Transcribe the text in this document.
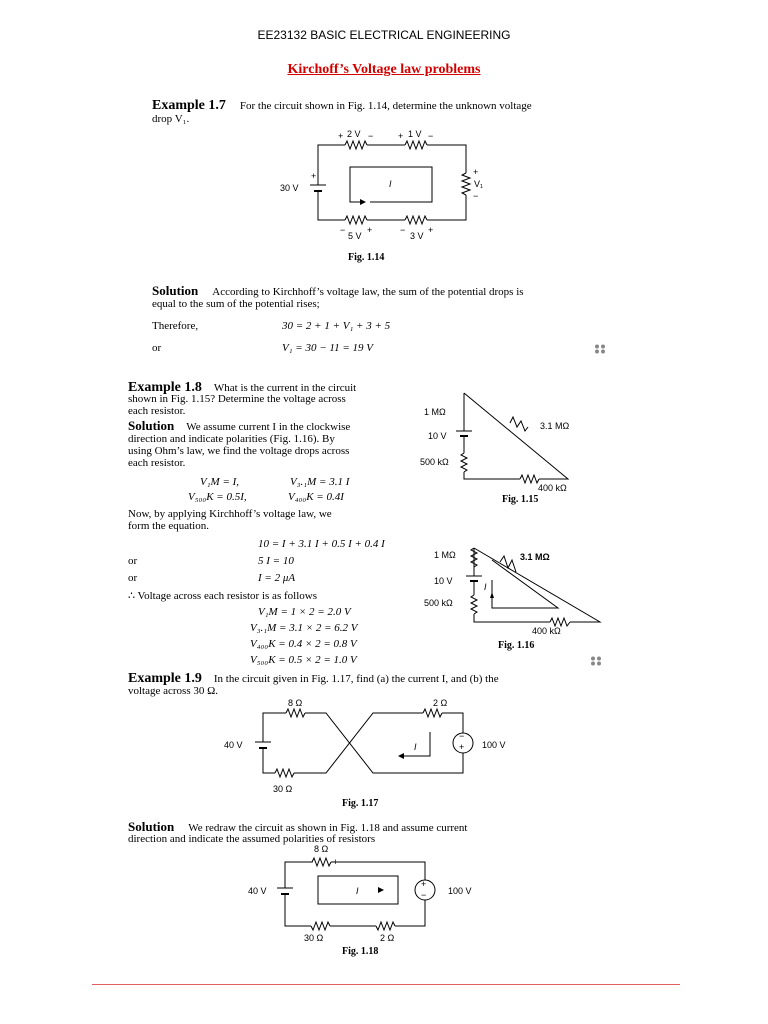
EE23132 BASIC ELECTRICAL ENGINEERING
Kirchoff’s Voltage law problems
Example 1.7 For the circuit shown in Fig. 1.14, determine the unknown voltage
drop V₁.
30 V
+
+ 2 V −	+ 1 V −
+
V₁
−
−
5 V
+	−
3 V
+
I
Fig. 1.14
Solution According to Kirchhoff’s voltage law, the sum of the potential drops is
equal to the sum of the potential rises;
Therefore,	30 = 2 + 1 + V₁ + 3 + 5
or	V₁ = 30 − 11 = 19 V
Example 1.8 What is the current in the circuit
shown in Fig. 1.15? Determine the voltage across
each resistor.
Solution We assume current I in the clockwise
direction and indicate polarities (Fig. 1.16). By
using Ohm’s law, we find the voltage drops across
each resistor.
V₁M = I,	V₃.₁M = 3.1 I
V₅₀₀K = 0.5I,	V₄₀₀K = 0.4I
Now, by applying Kirchhoff’s voltage law, we
form the equation.
10 = I + 3.1 I + 0.5 I + 0.4 I
or	5 I = 10
or	I = 2 μA
∴ Voltage across each resistor is as follows
V₁M = 1 × 2 = 2.0 V
V₃.₁M = 3.1 × 2 = 6.2 V
V₄₀₀K = 0.4 × 2 = 0.8 V
V₅₀₀K = 0.5 × 2 = 1.0 V
1 MΩ
3.1 MΩ
10 V
500 kΩ
400 kΩ
Fig. 1.15
1 MΩ	3.1 MΩ
10 V
500 kΩ
400 kΩ
I
Fig. 1.16
Example 1.9 In the circuit given in Fig. 1.17, find (a) the current I, and (b) the
voltage across 30 Ω.
8 Ω	2 Ω
40 V	100 V
30 Ω
I
−
+
Fig. 1.17
Solution We redraw the circuit as shown in Fig. 1.18 and assume current
direction and indicate the assumed polarities of resistors
8 Ω
− +
40 V	100 V
30 Ω	2 Ω
I
+
−
Fig. 1.18
